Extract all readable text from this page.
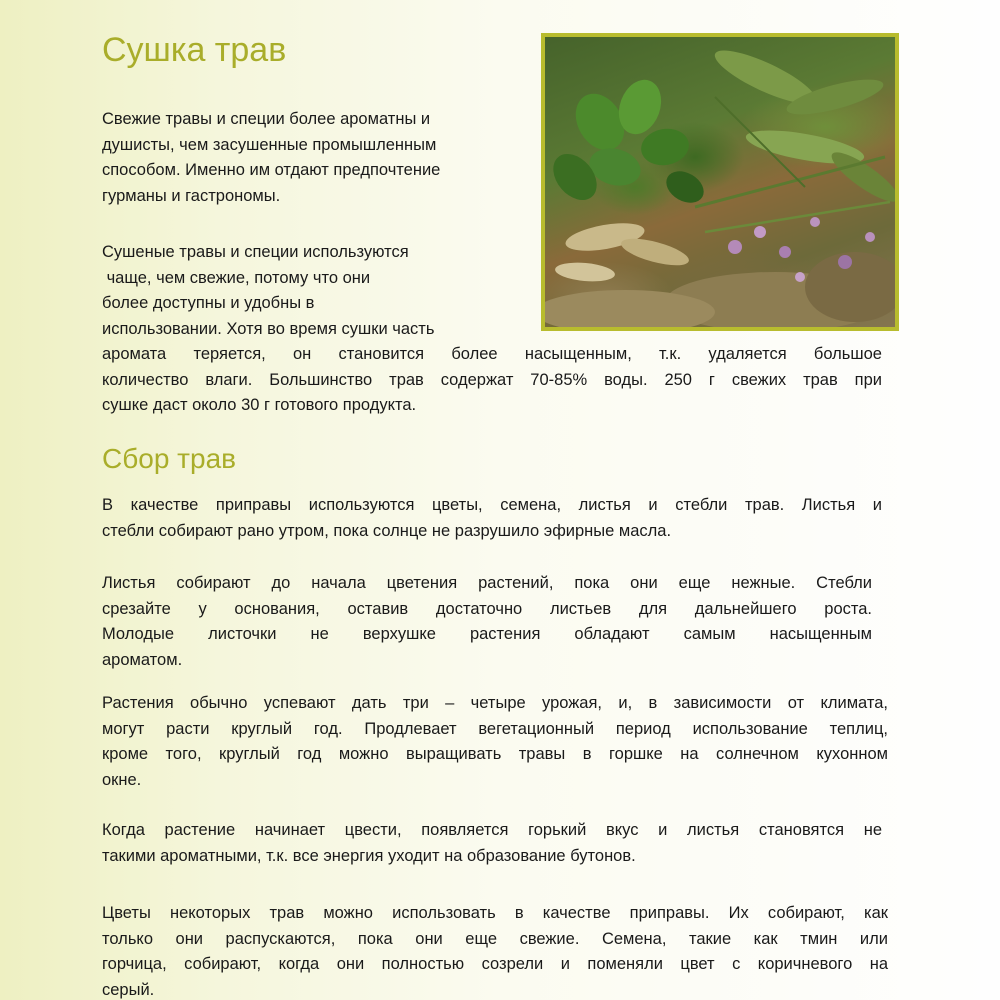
Сушка трав
Свежие травы и специи более ароматны и
душисты, чем засушенные промышленным
способом. Именно им отдают предпочтение
гурманы и гастрономы.
Сушеные травы и специи используются
чаще, чем свежие, потому что они
более доступны и удобны в
использовании. Хотя во время сушки часть
аромата теряется, он становится более насыщенным, т.к. удаляется большое
количество влаги. Большинство трав содержат 70-85% воды. 250 г свежих трав при
сушке даст около 30 г готового продукта.
Сбор трав
В качестве приправы используются цветы, семена, листья и стебли трав. Листья и
стебли собирают рано утром, пока солнце не разрушило эфирные масла.
Листья собирают до начала цветения растений, пока они еще нежные. Стебли
срезайте у основания, оставив достаточно листьев для дальнейшего роста.
Молодые листочки не верхушке растения обладают самым насыщенным
ароматом.
Растения обычно успевают дать три – четыре урожая, и, в зависимости от климата,
могут расти круглый год. Продлевает вегетационный период использование теплиц,
кроме того, круглый год можно выращивать травы в горшке на солнечном кухонном
окне.
Когда растение начинает цвести, появляется горький вкус и листья становятся не
такими ароматными, т.к. все энергия уходит на образование бутонов.
Цветы некоторых трав можно использовать в качестве приправы. Их собирают, как
только они распускаются, пока они еще свежие. Семена, такие как тмин или
горчица, собирают, когда они полностью созрели и поменяли цвет с коричневого на
серый.
